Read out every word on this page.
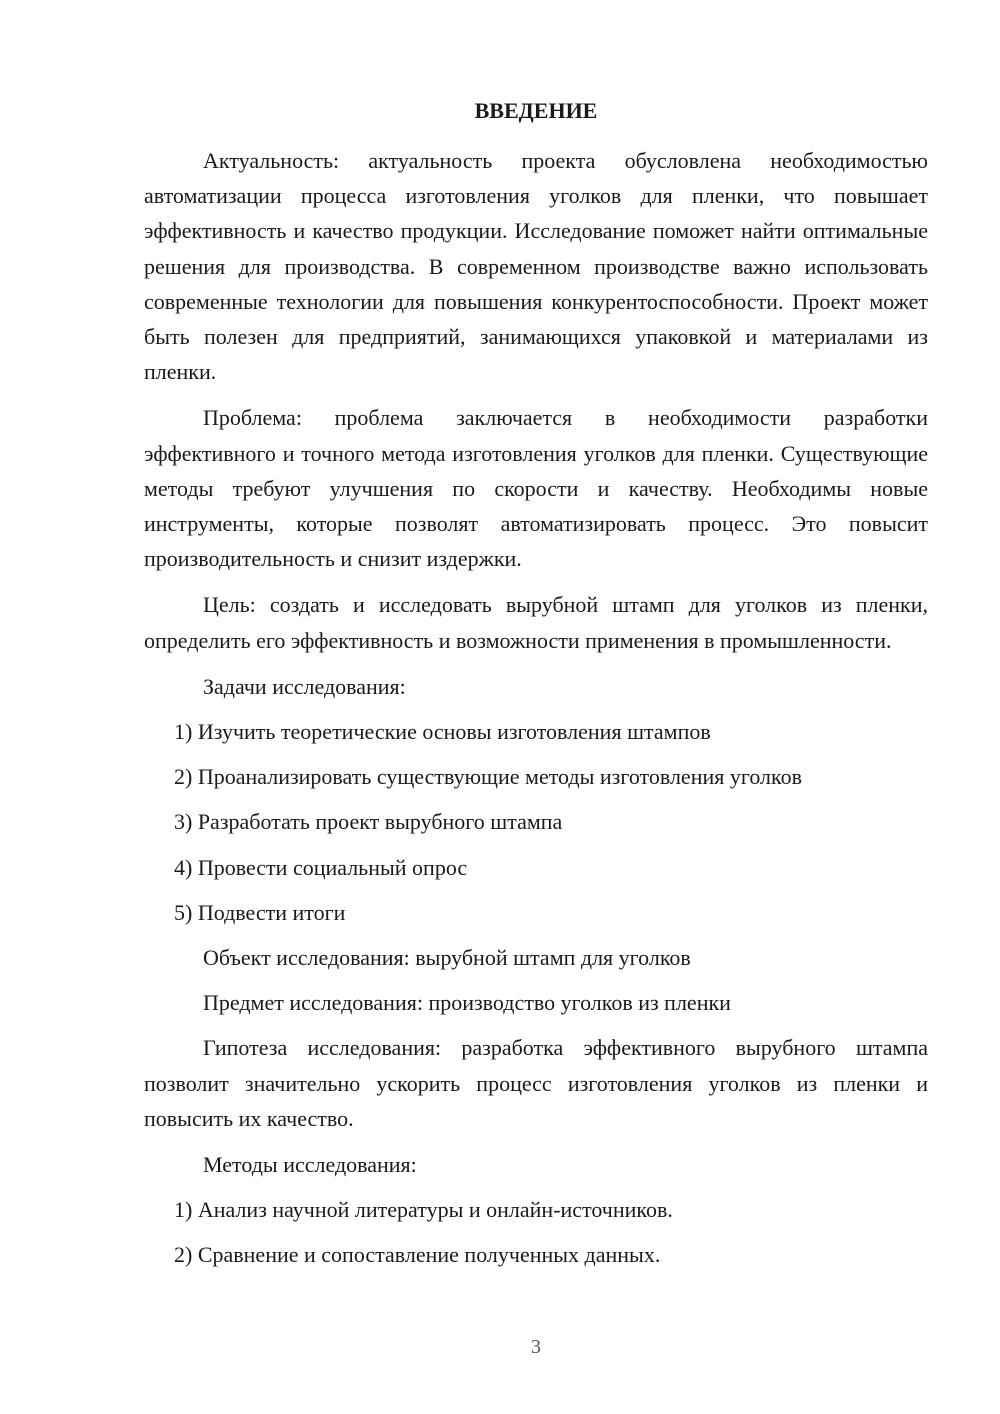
ВВЕДЕНИЕ

Актуальность: актуальность проекта обусловлена необходимостью автоматизации процесса изготовления уголков для пленки, что повышает эффективность и качество продукции. Исследование поможет найти оптимальные решения для производства. В современном производстве важно использовать современные технологии для повышения конкурентоспособности. Проект может быть полезен для предприятий, занимающихся упаковкой и материалами из пленки.

Проблема: проблема заключается в необходимости разработки эффективного и точного метода изготовления уголков для пленки. Существующие методы требуют улучшения по скорости и качеству. Необходимы новые инструменты, которые позволят автоматизировать процесс. Это повысит производительность и снизит издержки.

Цель: создать и исследовать вырубной штамп для уголков из пленки, определить его эффективность и возможности применения в промышленности.

Задачи исследования:
1) Изучить теоретические основы изготовления штампов
2) Проанализировать существующие методы изготовления уголков
3) Разработать проект вырубного штампа
4) Провести социальный опрос
5) Подвести итоги
Объект исследования: вырубной штамп для уголков
Предмет исследования: производство уголков из пленки

Гипотеза исследования: разработка эффективного вырубного штампа позволит значительно ускорить процесс изготовления уголков из пленки и повысить их качество.

Методы исследования:
1) Анализ научной литературы и онлайн-источников.
2) Сравнение и сопоставление полученных данных.
3
